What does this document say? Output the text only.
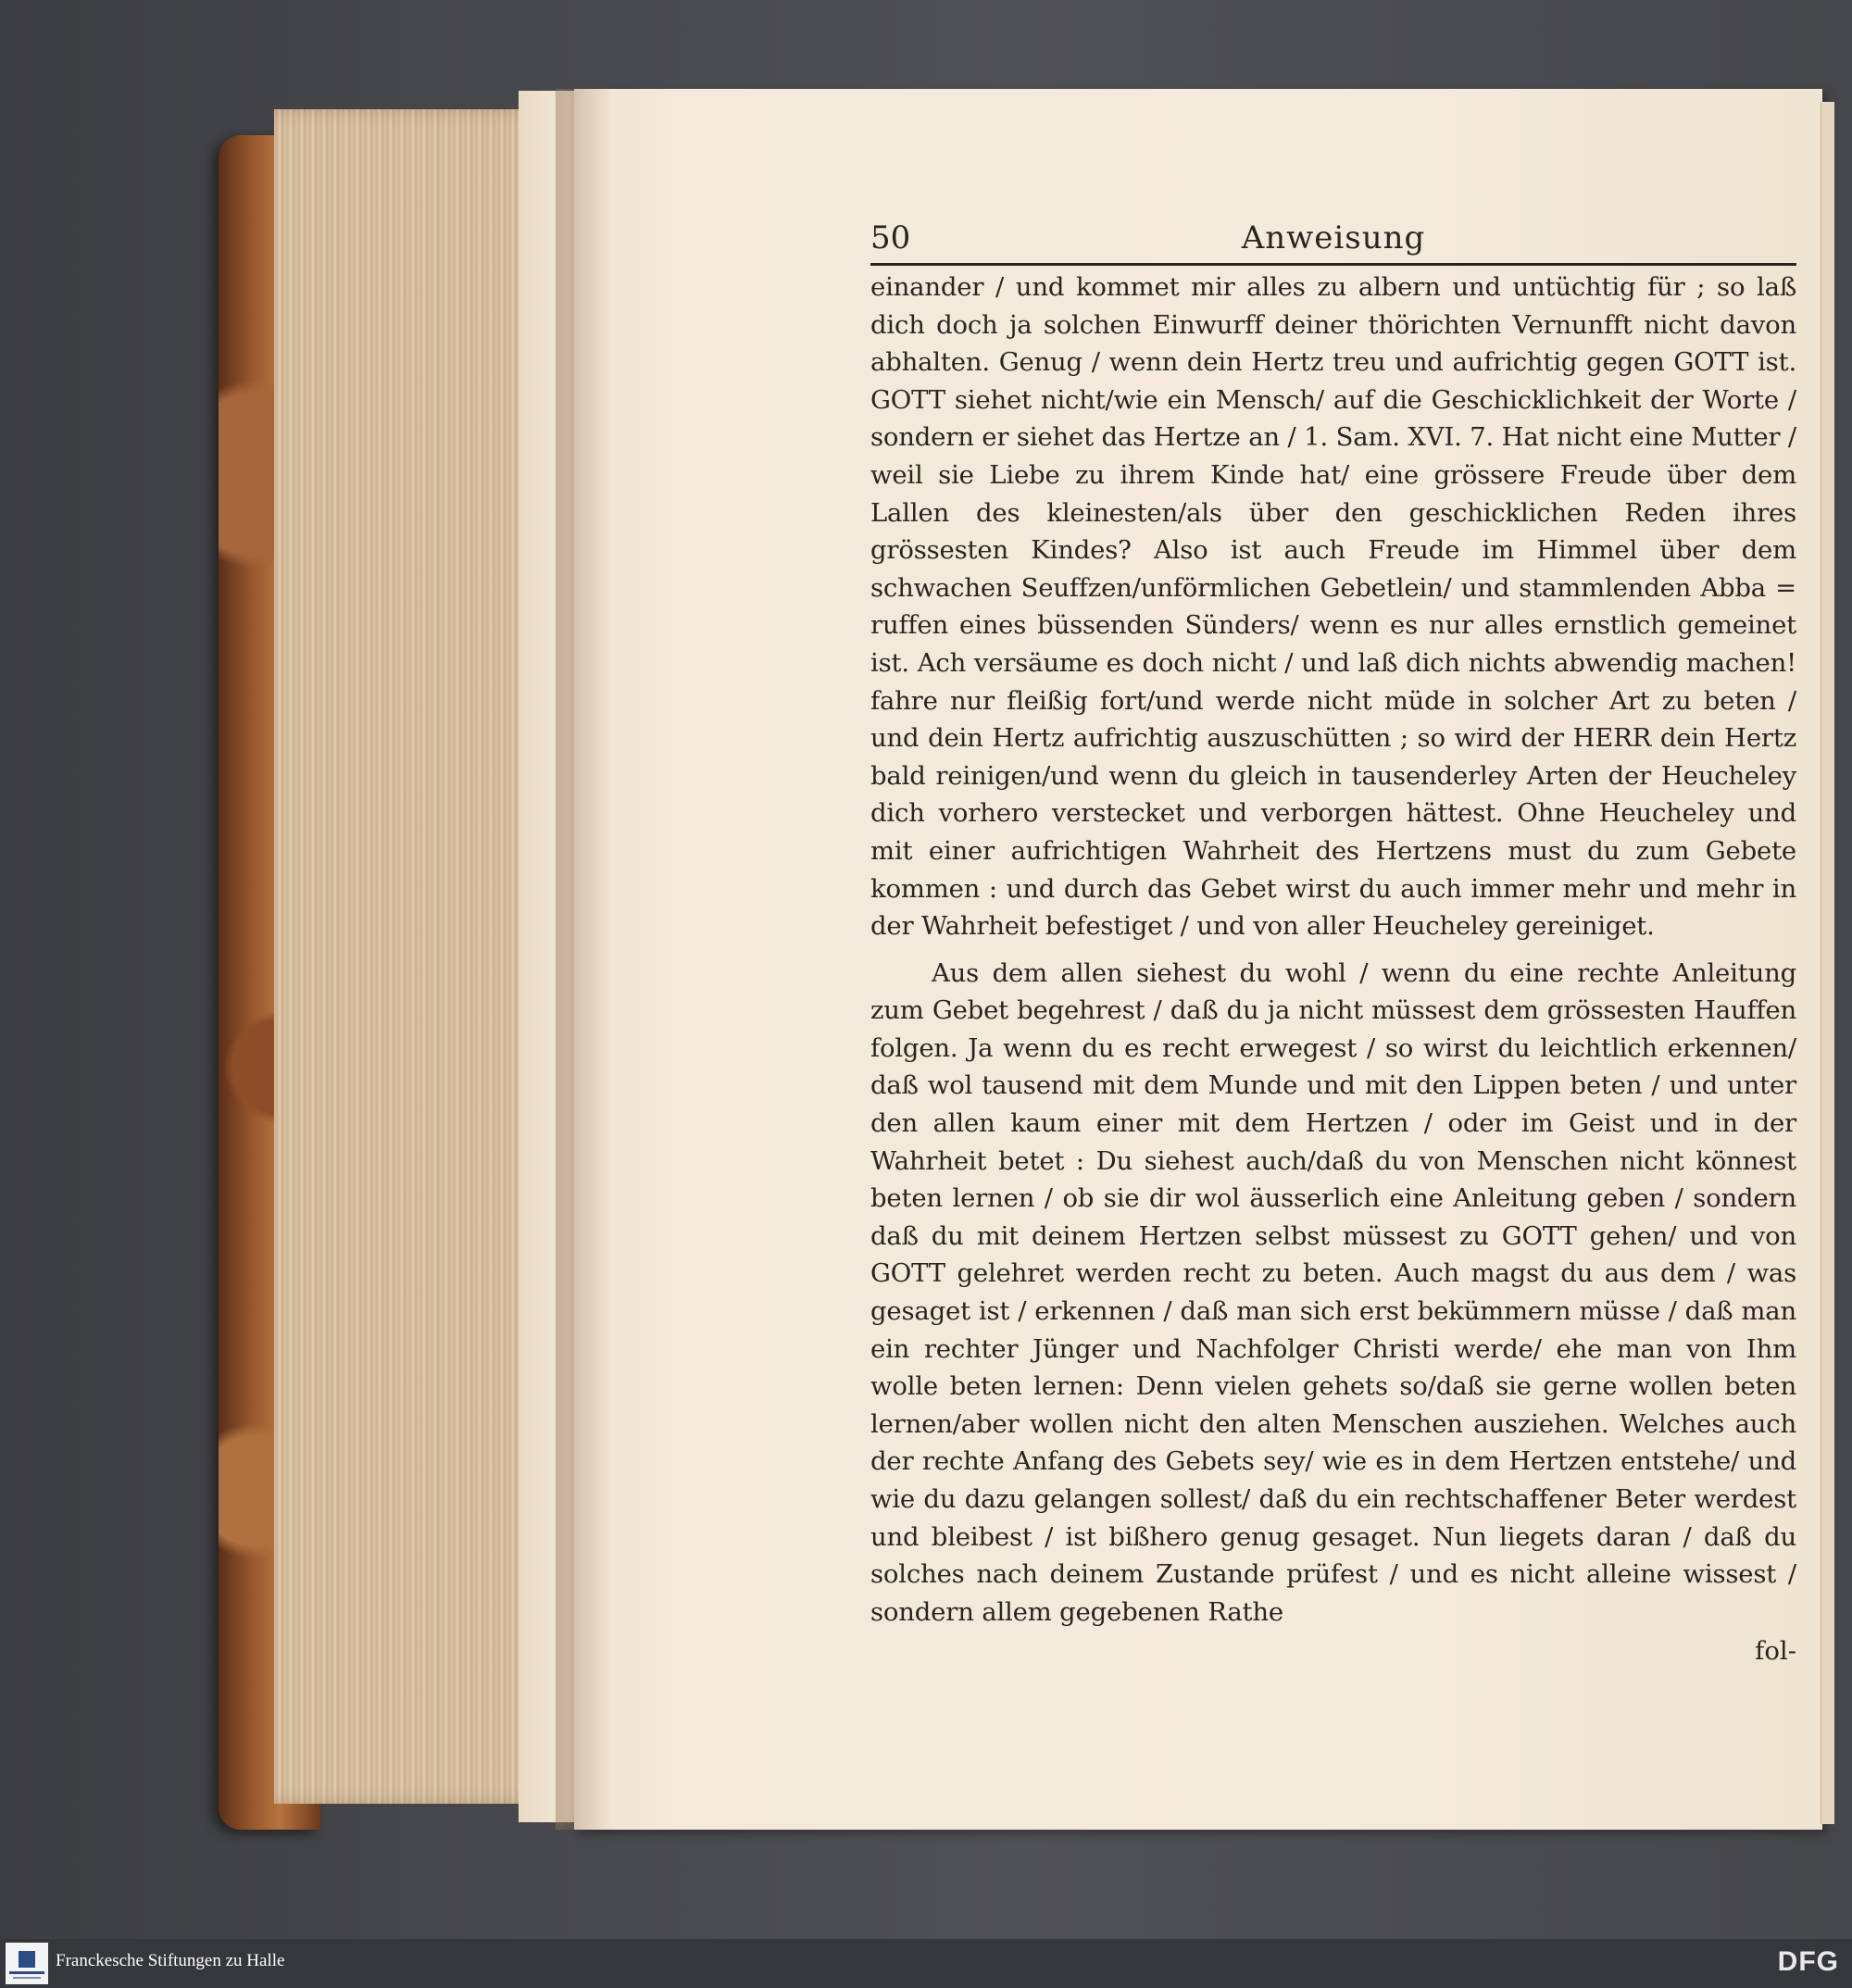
50	Anweisung

einander / und kommet mir alles zu albern und untüchtig für ; so laß dich doch ja solchen Einwurff deiner thörichten Vernunfft nicht davon abhalten. Genug / wenn dein Hertz treu und aufrichtig gegen GOTT ist. GOTT siehet nicht/wie ein Mensch/ auf die Geschicklichkeit der Worte / sondern er siehet das Hertze an / 1. Sam. XVI. 7. Hat nicht eine Mutter / weil sie Liebe zu ihrem Kinde hat/ eine grössere Freude über dem Lallen des kleinesten/als über den geschicklichen Reden ihres grössesten Kindes? Also ist auch Freude im Himmel über dem schwachen Seuffzen/unförmlichen Gebetlein/ und stammlenden Abba = ruffen eines büssenden Sünders/ wenn es nur alles ernstlich gemeinet ist. Ach versäume es doch nicht / und laß dich nichts abwendig machen! fahre nur fleißig fort/und werde nicht müde in solcher Art zu beten / und dein Hertz aufrichtig auszuschütten ; so wird der HERR dein Hertz bald reinigen/und wenn du gleich in tausenderley Arten der Heucheley dich vorhero verstecket und verborgen hättest. Ohne Heucheley und mit einer aufrichtigen Wahrheit des Hertzens must du zum Gebete kommen : und durch das Gebet wirst du auch immer mehr und mehr in der Wahrheit befestiget / und von aller Heucheley gereiniget.

Aus dem allen siehest du wohl / wenn du eine rechte Anleitung zum Gebet begehrest / daß du ja nicht müssest dem grössesten Hauffen folgen. Ja wenn du es recht erwegest / so wirst du leichtlich erkennen/ daß wol tausend mit dem Munde und mit den Lippen beten / und unter den allen kaum einer mit dem Hertzen / oder im Geist und in der Wahrheit betet : Du siehest auch/daß du von Menschen nicht könnest beten lernen / ob sie dir wol äusserlich eine Anleitung geben / sondern daß du mit deinem Hertzen selbst müssest zu GOTT gehen/ und von GOTT gelehret werden recht zu beten. Auch magst du aus dem / was gesaget ist / erkennen / daß man sich erst bekümmern müsse / daß man ein rechter Jünger und Nachfolger Christi werde/ ehe man von Ihm wolle beten lernen: Denn vielen gehets so/daß sie gerne wollen beten lernen/aber wollen nicht den alten Menschen ausziehen. Welches auch der rechte Anfang des Gebets sey/ wie es in dem Hertzen entstehe/ und wie du dazu gelangen sollest/ daß du ein rechtschaffener Beter werdest und bleibest / ist bißhero genug gesaget. Nun liegets daran / daß du solches nach deinem Zustande prüfest / und es nicht alleine wissest / sondern allem gegebenen Rathe

fol-
Franckesche Stiftungen zu Halle	DFG
